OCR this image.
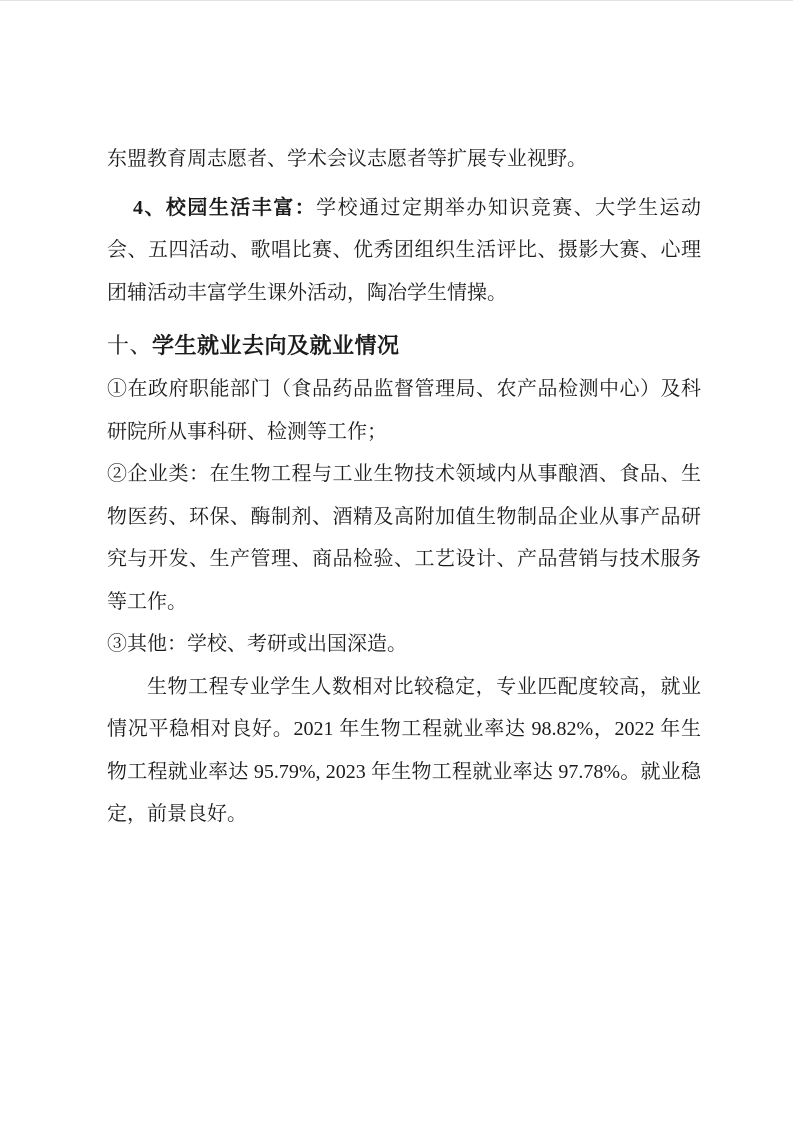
东盟教育周志愿者、学术会议志愿者等扩展专业视野。

4、校园生活丰富：学校通过定期举办知识竞赛、大学生运动会、五四活动、歌唱比赛、优秀团组织生活评比、摄影大赛、心理团辅活动丰富学生课外活动，陶冶学生情操。

十、学生就业去向及就业情况

①在政府职能部门（食品药品监督管理局、农产品检测中心）及科研院所从事科研、检测等工作；

②企业类：在生物工程与工业生物技术领域内从事酿酒、食品、生物医药、环保、酶制剂、酒精及高附加值生物制品企业从事产品研究与开发、生产管理、商品检验、工艺设计、产品营销与技术服务等工作。

③其他：学校、考研或出国深造。

生物工程专业学生人数相对比较稳定，专业匹配度较高，就业情况平稳相对良好。2021 年生物工程就业率达 98.82%，2022 年生物工程就业率达 95.79%, 2023 年生物工程就业率达 97.78%。就业稳定，前景良好。
